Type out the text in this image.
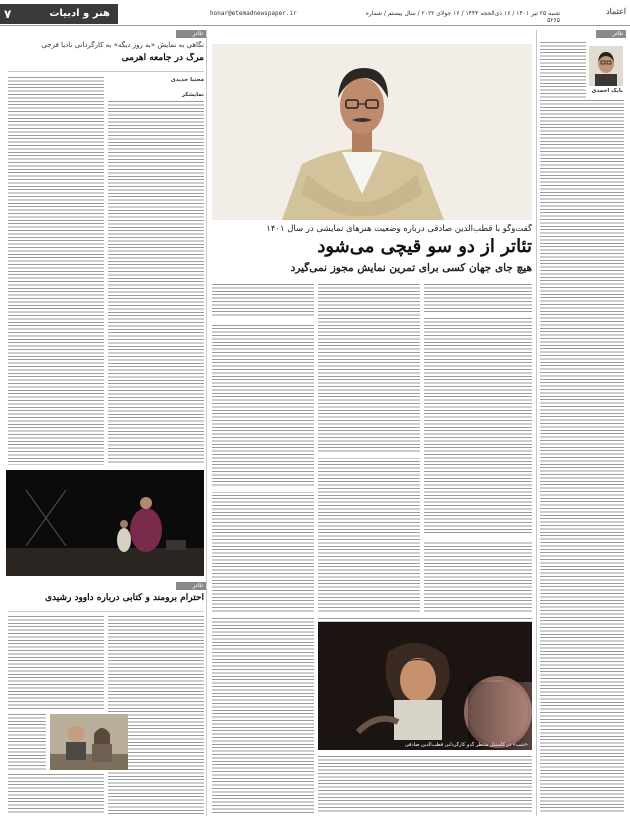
هنر و ادبیات
۷	honar@etemadnewspaper.ir	شنبه ۲۵ تیر ۱۴۰۱ / ۱۶ ذی‌الحجه ۱۴۴۳ / ۱۶ جولای ۲۰۲۲ / سال بیستم / شماره ۵۲۶۵
اعتماد
تئاتر
نگاهی به نمایش «به روز دیگه» به کارگردانی نادیا فرجی
مرگ در جامعه اهرمی
مجتبا حدیدی
نمایشگر
تئاتر
احترام برومند و کتابی درباره داوود رشیدی
گفت‌وگو با قطب‌الدین صادقی درباره وضعیت هنرهای نمایشی در سال ۱۴۰۱
تئاتر از دو سو قیچی می‌شود
هیچ جای جهان کسی برای تمرین نمایش مجوز نمی‌گیرد
«شب» در کاستیل منتظر گدو کارگردانی قطب‌الدین صادقی
تئاتر
بابک احمدی
